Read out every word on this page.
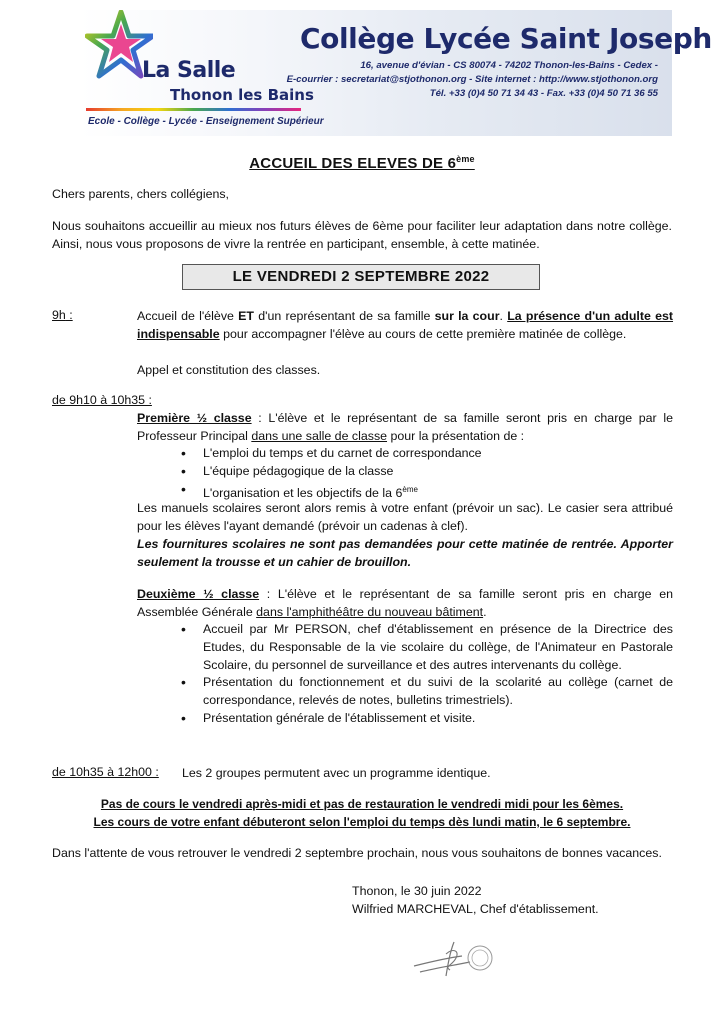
La Salle
Thonon les Bains
Ecole - Collège - Lycée - Enseignement Supérieur
Collège Lycée Saint Joseph
16, avenue d'évian - CS 80074 - 74202 Thonon-les-Bains - Cedex -
E-courrier : secretariat@stjothonon.org - Site internet : http://www.stjothonon.org
Tél. +33 (0)4 50 71 34 43 - Fax. +33 (0)4 50 71 36 55
ACCUEIL DES ELEVES DE 6ème
Chers parents, chers collégiens,
Nous souhaitons accueillir au mieux nos futurs élèves de 6ème pour faciliter leur adaptation dans notre collège. Ainsi, nous vous proposons de vivre la rentrée en participant, ensemble, à cette matinée.
LE VENDREDI 2 SEPTEMBRE 2022
9h :	Accueil de l'élève ET d'un représentant de sa famille sur la cour. La présence d'un adulte est indispensable pour accompagner l'élève au cours de cette première matinée de collège.
Appel et constitution des classes.
de 9h10 à 10h35 :
Première ½ classe : L'élève et le représentant de sa famille seront pris en charge par le Professeur Principal dans une salle de classe pour la présentation de :
• L'emploi du temps et du carnet de correspondance
• L'équipe pédagogique de la classe
• L'organisation et les objectifs de la 6ème
Les manuels scolaires seront alors remis à votre enfant (prévoir un sac). Le casier sera attribué pour les élèves l'ayant demandé (prévoir un cadenas à clef).
Les fournitures scolaires ne sont pas demandées pour cette matinée de rentrée. Apporter seulement la trousse et un cahier de brouillon.
Deuxième ½ classe : L'élève et le représentant de sa famille seront pris en charge en Assemblée Générale dans l'amphithéâtre du nouveau bâtiment.
• Accueil par Mr PERSON, chef d'établissement en présence de la Directrice des Etudes, du Responsable de la vie scolaire du collège, de l'Animateur en Pastorale Scolaire, du personnel de surveillance et des autres intervenants du collège.
• Présentation du fonctionnement et du suivi de la scolarité au collège (carnet de correspondance, relevés de notes, bulletins trimestriels).
• Présentation générale de l'établissement et visite.
de 10h35 à 12h00 : Les 2 groupes permutent avec un programme identique.
Pas de cours le vendredi après-midi et pas de restauration le vendredi midi pour les 6èmes.
Les cours de votre enfant débuteront selon l'emploi du temps dès lundi matin, le 6 septembre.
Dans l'attente de vous retrouver le vendredi 2 septembre prochain, nous vous souhaitons de bonnes vacances.
Thonon, le 30 juin 2022
Wilfried MARCHEVAL, Chef d'établissement.
